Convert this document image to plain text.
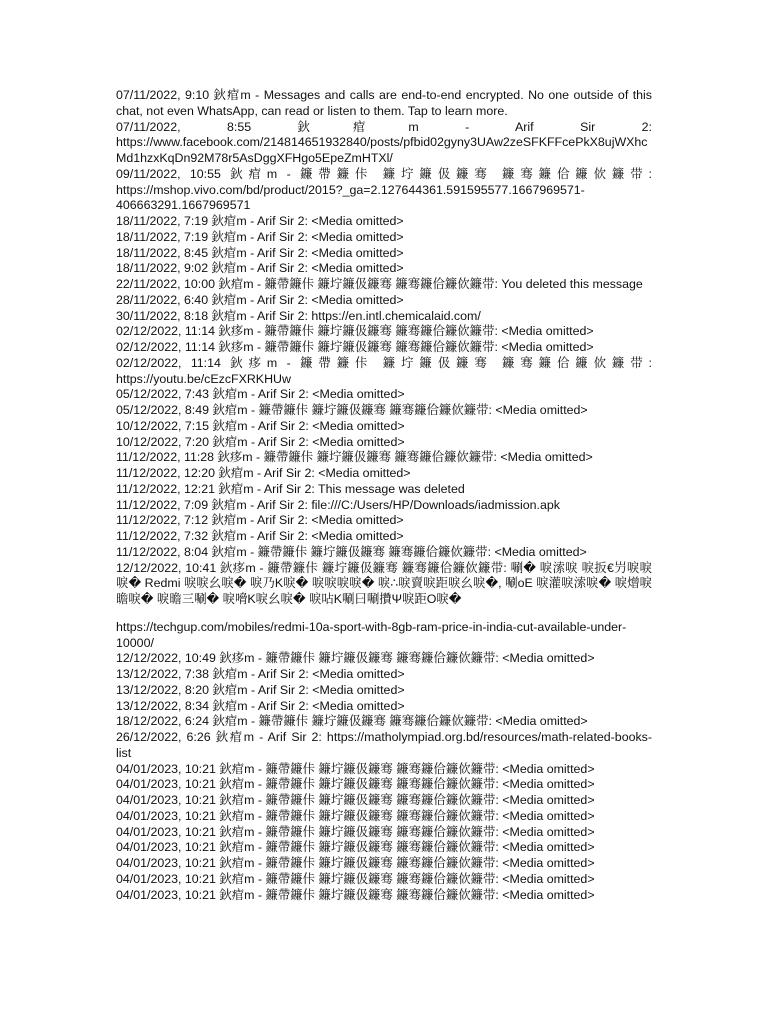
07/11/2022, 9:10 鈥痯m - Messages and calls are end-to-end encrypted. No one outside of this chat, not even WhatsApp, can read or listen to them. Tap to learn more.
07/11/2022, 8:55 鈥痯m - Arif Sir 2: https://www.facebook.com/214814651932840/posts/pfbid02gyny3UAw2zeSFKFFcePkX8ujWXhcMd1hzxKqDn92M78r5AsDggXFHgo5EpeZmHTXl/
09/11/2022, 10:55 鈥痯m - 鐮帶鐮佧 鐮坾鐮伋鐮骞 鐮骞鐮佮鐮佽鐮带: https://mshop.vivo.com/bd/product/2015?_ga=2.127644361.591595577.1667969571-406663291.1667969571
18/11/2022, 7:19 鈥痯m - Arif Sir 2: <Media omitted>
18/11/2022, 7:19 鈥痯m - Arif Sir 2: <Media omitted>
18/11/2022, 8:45 鈥痯m - Arif Sir 2: <Media omitted>
18/11/2022, 9:02 鈥痯m - Arif Sir 2: <Media omitted>
22/11/2022, 10:00 鈥痯m - 鐮帶鐮佧 鐮坾鐮伋鐮骞 鐮骞鐮佮鐮佽鐮带: You deleted this message
28/11/2022, 6:40 鈥痯m - Arif Sir 2: <Media omitted>
30/11/2022, 8:18 鈥痯m - Arif Sir 2: https://en.intl.chemicalaid.com/
02/12/2022, 11:14 鈥痑m - 鐮帶鐮佧 鐮坾鐮伋鐮骞 鐮骞鐮佮鐮佽鐮带: <Media omitted>
02/12/2022, 11:14 鈥痑m - 鐮帶鐮佧 鐮坾鐮伋鐮骞 鐮骞鐮佮鐮佽鐮带: <Media omitted>
02/12/2022, 11:14 鈥痑m - 鐮帶鐮佧 鐮坾鐮伋鐮骞 鐮骞鐮佮鐮佽鐮带: https://youtu.be/cEzcFXRKHUw
05/12/2022, 7:43 鈥痯m - Arif Sir 2: <Media omitted>
05/12/2022, 8:49 鈥痯m - 鐮帶鐮佧 鐮坾鐮伋鐮骞 鐮骞鐮佮鐮佽鐮带: <Media omitted>
10/12/2022, 7:15 鈥痯m - Arif Sir 2: <Media omitted>
10/12/2022, 7:20 鈥痯m - Arif Sir 2: <Media omitted>
11/12/2022, 11:28 鈥痑m - 鐮帶鐮佧 鐮坾鐮伋鐮骞 鐮骞鐮佮鐮佽鐮带: <Media omitted>
11/12/2022, 12:20 鈥痯m - Arif Sir 2: <Media omitted>
11/12/2022, 12:21 鈥痯m - Arif Sir 2: This message was deleted
11/12/2022, 7:09 鈥痯m - Arif Sir 2: file:///C:/Users/HP/Downloads/iadmission.apk
11/12/2022, 7:12 鈥痯m - Arif Sir 2: <Media omitted>
11/12/2022, 7:32 鈥痯m - Arif Sir 2: <Media omitted>
11/12/2022, 8:04 鈥痯m - 鐮帶鐮佧 鐮坾鐮伋鐮骞 鐮骞鐮佮鐮佽鐮带: <Media omitted>
12/12/2022, 10:41 鈥痑m - 鐮帶鐮佧 鐮坾鐮伋鐮骞 鐮骞鐮佮鐮佽鐮带: 唰� 唳溹唳 唳扳€屶唳唳唳� Redmi 唳唳幺唳� 唳乃K唳� 唳唳唳唳� 唳∴唳賣唳距唳幺唳�, 唰oE 唳灌唳溹唳� 唳熷唳曕唳� 唳曕三唰� 唳嗋K唳幺唳� 唳呫K唰曰唰攢Ψ唳距O唳�
https://techgup.com/mobiles/redmi-10a-sport-with-8gb-ram-price-in-india-cut-available-under-10000/
12/12/2022, 10:49 鈥痑m - 鐮帶鐮佧 鐮坾鐮伋鐮骞 鐮骞鐮佮鐮佽鐮带: <Media omitted>
13/12/2022, 7:38 鈥痯m - Arif Sir 2: <Media omitted>
13/12/2022, 8:20 鈥痯m - Arif Sir 2: <Media omitted>
13/12/2022, 8:34 鈥痯m - Arif Sir 2: <Media omitted>
18/12/2022, 6:24 鈥痯m - 鐮帶鐮佧 鐮坾鐮伋鐮骞 鐮骞鐮佮鐮佽鐮带: <Media omitted>
26/12/2022, 6:26 鈥痯m - Arif Sir 2: https://matholympiad.org.bd/resources/math-related-books-list
04/01/2023, 10:21 鈥痯m - 鐮帶鐮佧 鐮坾鐮伋鐮骞 鐮骞鐮佮鐮佽鐮带: <Media omitted>
04/01/2023, 10:21 鈥痯m - 鐮帶鐮佧 鐮坾鐮伋鐮骞 鐮骞鐮佮鐮佽鐮带: <Media omitted>
04/01/2023, 10:21 鈥痯m - 鐮帶鐮佧 鐮坾鐮伋鐮骞 鐮骞鐮佮鐮佽鐮带: <Media omitted>
04/01/2023, 10:21 鈥痯m - 鐮帶鐮佧 鐮坾鐮伋鐮骞 鐮骞鐮佮鐮佽鐮带: <Media omitted>
04/01/2023, 10:21 鈥痯m - 鐮帶鐮佧 鐮坾鐮伋鐮骞 鐮骞鐮佮鐮佽鐮带: <Media omitted>
04/01/2023, 10:21 鈥痯m - 鐮帶鐮佧 鐮坾鐮伋鐮骞 鐮骞鐮佮鐮佽鐮带: <Media omitted>
04/01/2023, 10:21 鈥痯m - 鐮帶鐮佧 鐮坾鐮伋鐮骞 鐮骞鐮佮鐮佽鐮带: <Media omitted>
04/01/2023, 10:21 鈥痯m - 鐮帶鐮佧 鐮坾鐮伋鐮骞 鐮骞鐮佮鐮佽鐮带: <Media omitted>
04/01/2023, 10:21 鈥痯m - 鐮帶鐮佧 鐮坾鐮伋鐮骞 鐮骞鐮佮鐮佽鐮带: <Media omitted>
